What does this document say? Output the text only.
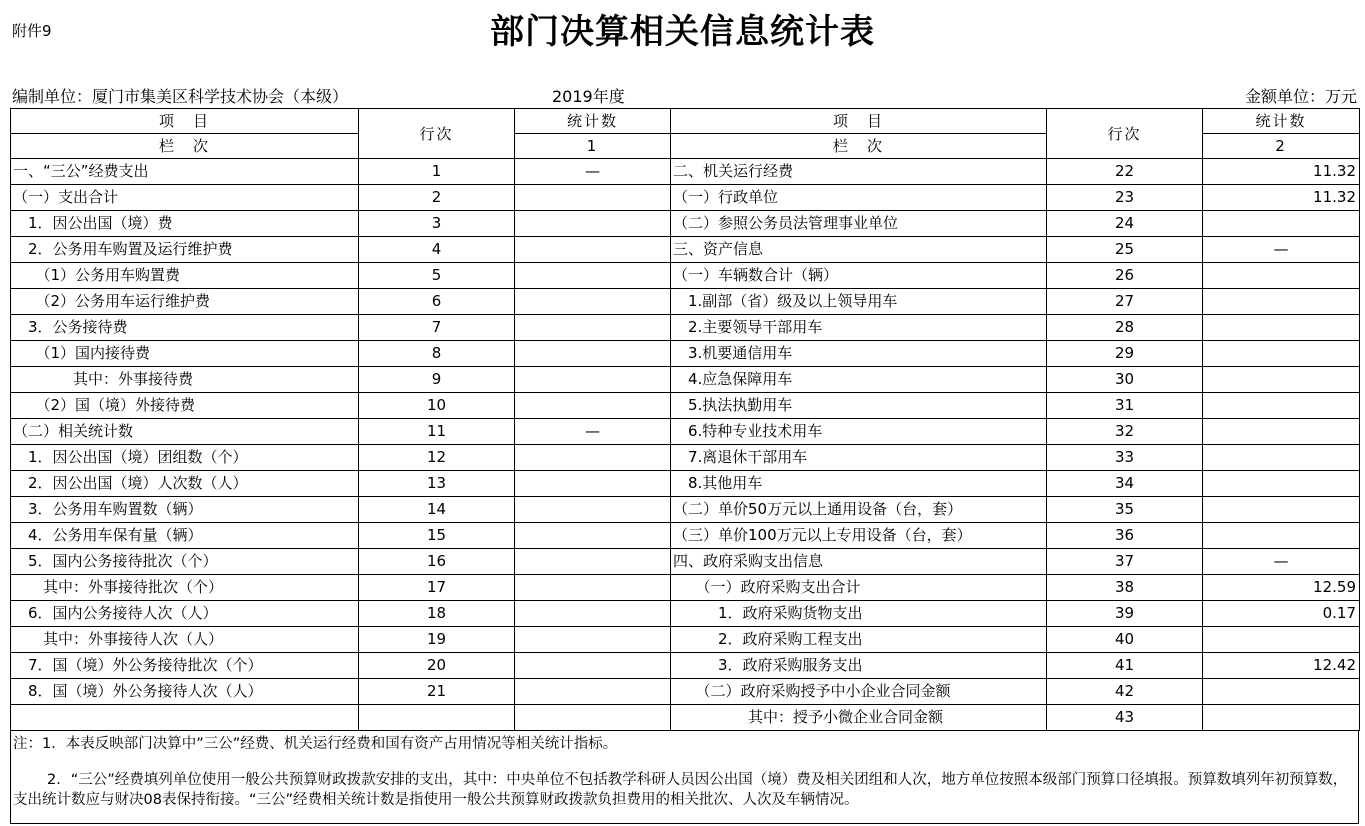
附件9	部门决算相关信息统计表
编制单位：厦门市集美区科学技术协会（本级）	2019年度	金额单位：万元
项　目	行次	统计数	项　目	行次	统计数
栏　次		1	栏　次		2
一、“三公”经费支出	1	—	二、机关运行经费	22	11.32
（一）支出合计	2		（一）行政单位	23	11.32
　1．因公出国（境）费	3		（二）参照公务员法管理事业单位	24	
　2．公务用车购置及运行维护费	4		三、资产信息	25	—
　　（1）公务用车购置费	5		（一）车辆数合计（辆）	26	
　　（2）公务用车运行维护费	6		　1.副部（省）级及以上领导用车	27	
　3．公务接待费	7		　2.主要领导干部用车	28	
　　（1）国内接待费	8		　3.机要通信用车	29	
　　　　其中：外事接待费	9		　4.应急保障用车	30	
　　（2）国（境）外接待费	10		　5.执法执勤用车	31	
（二）相关统计数	11	—	　6.特种专业技术用车	32	
　1．因公出国（境）团组数（个）	12		　7.离退休干部用车	33	
　2．因公出国（境）人次数（人）	13		　8.其他用车	34	
　3．公务用车购置数（辆）	14		（二）单价50万元以上通用设备（台，套）	35	
　4．公务用车保有量（辆）	15		（三）单价100万元以上专用设备（台，套）	36	
　5．国内公务接待批次（个）	16		四、政府采购支出信息	37	—
　　其中：外事接待批次（个）	17		　　（一）政府采购支出合计	38	12.59
　6．国内公务接待人次（人）	18		　　　1．政府采购货物支出	39	0.17
　　其中：外事接待人次（人）	19		　　　2．政府采购工程支出	40	
　7．国（境）外公务接待批次（个）	20		　　　3．政府采购服务支出	41	12.42
　8．国（境）外公务接待人次（人）	21		　　（二）政府采购授予中小企业合同金额	42	
			　　　　　其中：授予小微企业合同金额	43	
注：1．本表反映部门决算中”三公”经费、机关运行经费和国有资产占用情况等相关统计指标。
2．“三公”经费填列单位使用一般公共预算财政拨款安排的支出，其中：中央单位不包括教学科研人员因公出国（境）费及相关团组和人次，地方单位按照本级部门预算口径填报。预算数填列年初预算数，支出统计数应与财决08表保持衔接。“三公”经费相关统计数是指使用一般公共预算财政拨款负担费用的相关批次、人次及车辆情况。
